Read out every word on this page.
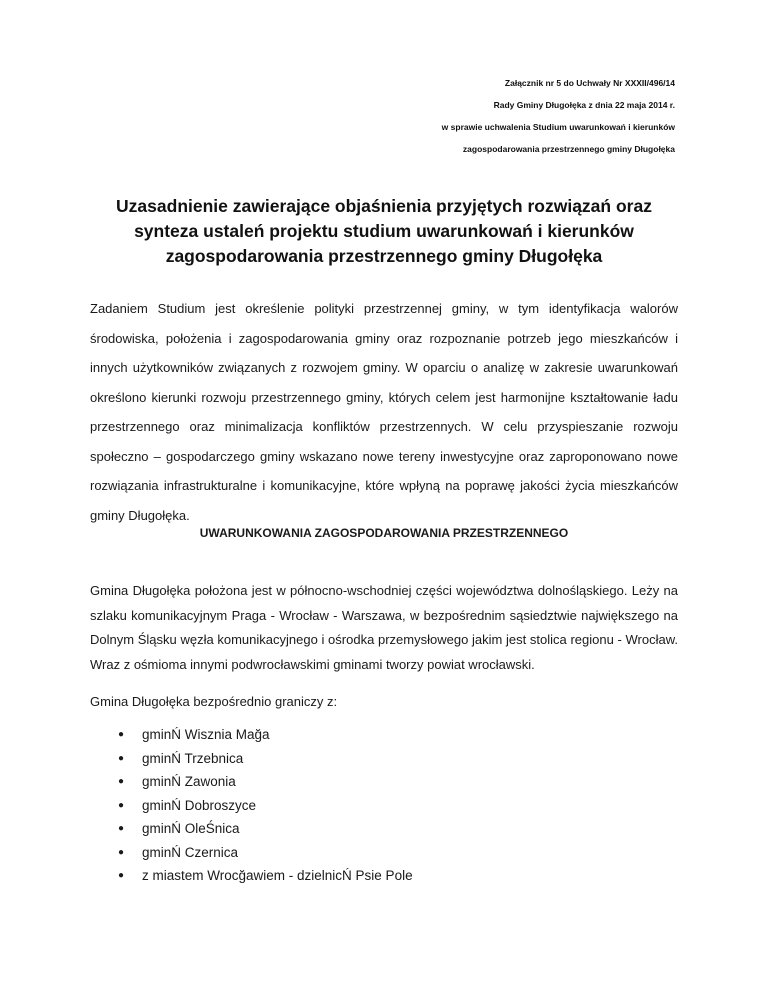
Załącznik nr 5 do Uchwały Nr XXXII/496/14
Rady Gminy Długołęka z dnia 22 maja 2014 r.
w sprawie uchwalenia Studium uwarunkowań i kierunków
zagospodarowania przestrzennego gminy Długołęka
Uzasadnienie zawierające objaśnienia przyjętych rozwiązań oraz synteza ustaleń projektu studium uwarunkowań i kierunków zagospodarowania przestrzennego gminy Długołęka

Zadaniem Studium jest określenie polityki przestrzennej gminy, w tym identyfikacja walorów środowiska, położenia i zagospodarowania gminy oraz rozpoznanie potrzeb jego mieszkańców i innych użytkowników związanych z rozwojem gminy. W oparciu o analizę w zakresie uwarunkowań określono kierunki rozwoju przestrzennego gminy, których celem jest harmonijne kształtowanie ładu przestrzennego oraz minimalizacja konfliktów przestrzennych. W celu przyspieszanie rozwoju społeczno – gospodarczego gminy wskazano nowe tereny inwestycyjne oraz zaproponowano nowe rozwiązania infrastrukturalne i komunikacyjne, które wpłyną na poprawę jakości życia mieszkańców gminy Długołęka.

UWARUNKOWANIA ZAGOSPODAROWANIA PRZESTRZENNEGO

Gmina Długołęka położona jest w północno-wschodniej części województwa dolnośląskiego. Leży na szlaku komunikacyjnym Praga - Wrocław - Warszawa, w bezpośrednim sąsiedztwie największego na Dolnym Śląsku węzła komunikacyjnego i ośrodka przemysłowego jakim jest stolica regionu - Wrocław. Wraz z ośmioma innymi podwrocławskimi gminami tworzy powiat wrocławski.

Gmina Długołęka bezpośrednio graniczy z:

●	gminŃ Wisznia Mağa
●	gminŃ Trzebnica
●	gminŃ Zawonia
●	gminŃ Dobroszyce
●	gminŃ OleŚnica
●	gminŃ Czernica
●	z miastem Wrocğawiem - dzielnicŃ Psie Pole
